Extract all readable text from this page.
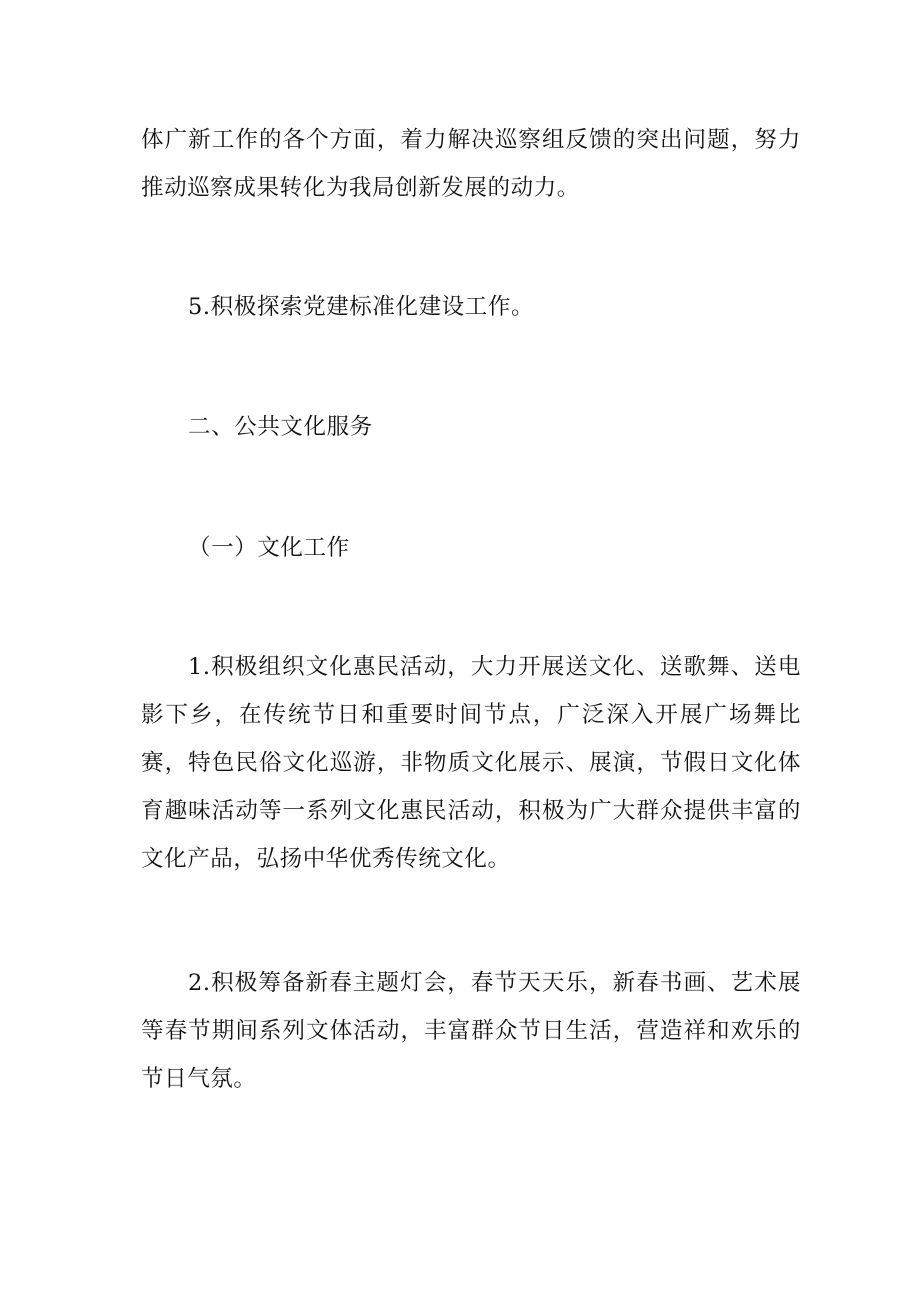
体广新工作的各个方面，着力解决巡察组反馈的突出问题，努力推动巡察成果转化为我局创新发展的动力。

5.积极探索党建标准化建设工作。

二、公共文化服务

（一）文化工作

1.积极组织文化惠民活动，大力开展送文化、送歌舞、送电影下乡，在传统节日和重要时间节点，广泛深入开展广场舞比赛，特色民俗文化巡游，非物质文化展示、展演，节假日文化体育趣味活动等一系列文化惠民活动，积极为广大群众提供丰富的文化产品，弘扬中华优秀传统文化。

2.积极筹备新春主题灯会，春节天天乐，新春书画、艺术展等春节期间系列文体活动，丰富群众节日生活，营造祥和欢乐的节日气氛。
